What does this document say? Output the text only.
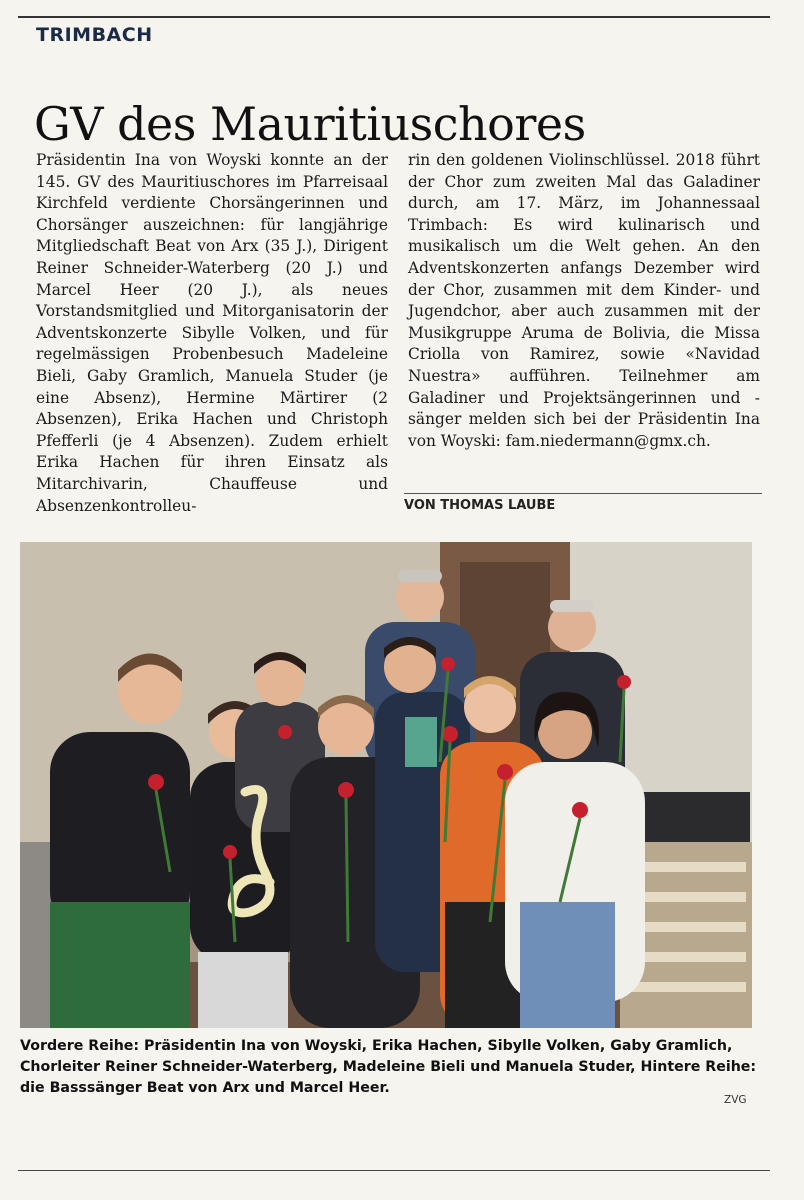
TRIMBACH
GV des Mauritiuschores

Präsidentin Ina von Woyski konnte an der 145. GV des Mauritiuschores im Pfarreisaal Kirchfeld verdiente Chorsängerinnen und Chorsänger auszeichnen: für langjährige Mitgliedschaft Beat von Arx (35 J.), Dirigent Reiner Schneider-Waterberg (20 J.) und Marcel Heer (20 J.), als neues Vorstandsmitglied und Mitorganisatorin der Adventskonzerte Sibylle Volken, und für regelmässigen Probenbesuch Madeleine Bieli, Gaby Gramlich, Manuela Studer (je eine Absenz), Hermine Märtirer (2 Absenzen), Erika Hachen und Christoph Pfefferli (je 4 Absenzen). Zudem erhielt Erika Hachen für ihren Einsatz als Mitarchivarin, Chauffeuse und Absenzenkontrolleu-

rin den goldenen Violinschlüssel. 2018 führt der Chor zum zweiten Mal das Galadiner durch, am 17. März, im Johannessaal Trimbach: Es wird kulinarisch und musikalisch um die Welt gehen. An den Adventskonzerten anfangs Dezember wird der Chor, zusammen mit dem Kinder- und Jugendchor, aber auch zusammen mit der Musikgruppe Aruma de Bolivia, die Missa Criolla von Ramirez, sowie «Navidad Nuestra» aufführen. Teilnehmer am Galadiner und Projektsängerinnen und -sänger melden sich bei der Präsidentin Ina von Woyski: fam.niedermann@gmx.ch.

VON THOMAS LAUBE
Vordere Reihe: Präsidentin Ina von Woyski, Erika Hachen, Sibylle Volken, Gaby Gramlich, Chorleiter Reiner Schneider-Waterberg, Madeleine Bieli und Manuela Studer, Hintere Reihe: die Basssänger Beat von Arx und Marcel Heer.
ZVG
